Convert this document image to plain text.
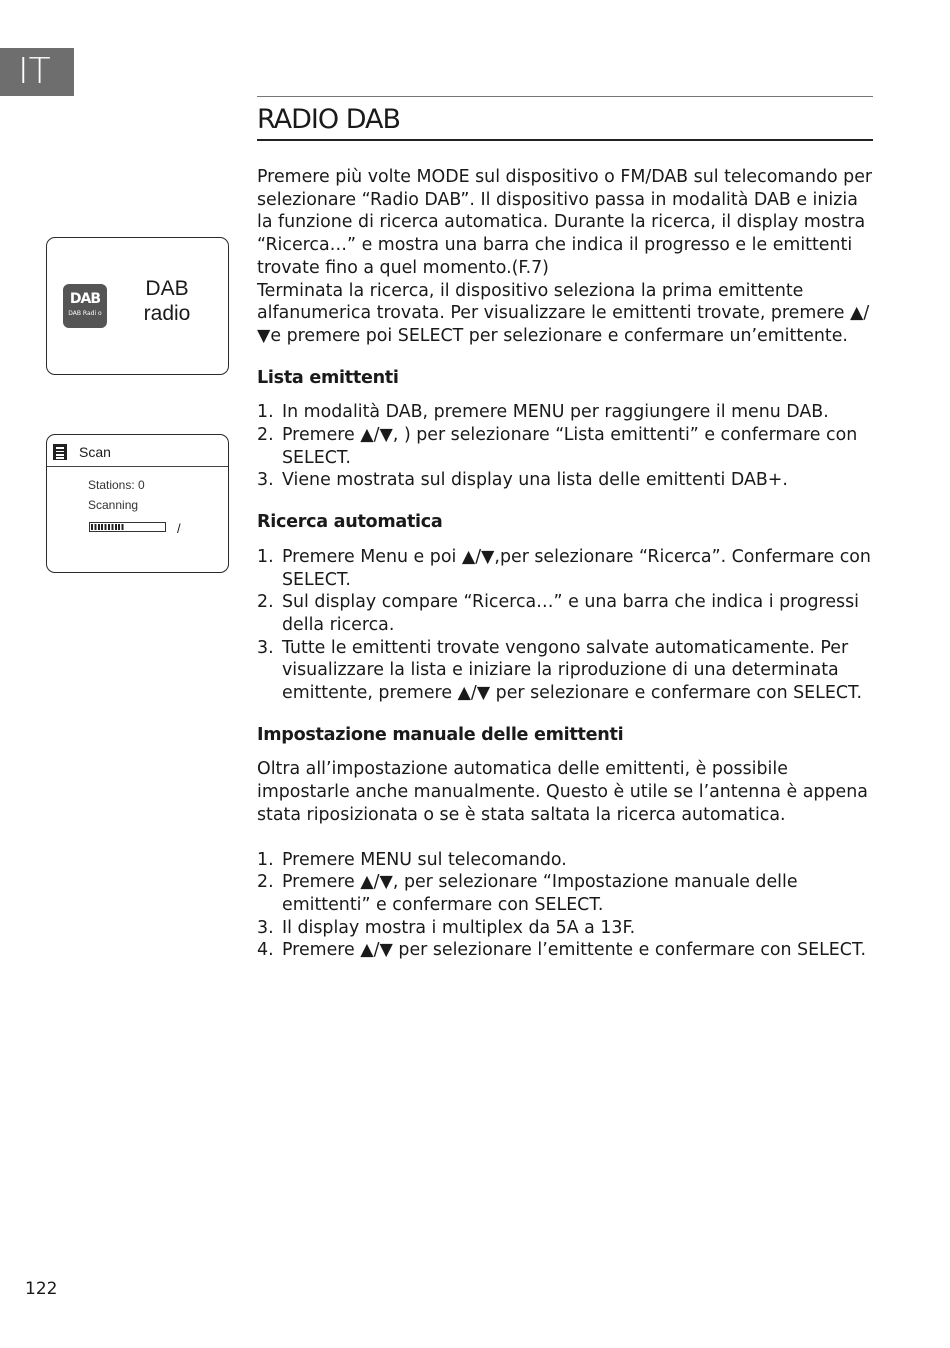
IT
RADIO DAB
DAB
DAB Radi o
DAB
radio
Scan
Stations: 0
Scanning
/

Premere più volte MODE sul dispositivo o FM/DAB sul telecomando per selezionare “Radio DAB”. Il dispositivo passa in modalità DAB e inizia la funzione di ricerca automatica. Durante la ricerca, il display mostra “Ricerca…” e mostra una barra che indica il progresso e le emittenti trovate fino a quel momento.(F.7)

Terminata la ricerca, il dispositivo seleziona la prima emittente alfanumerica trovata. Per visualizzare le emittenti trovate, premere ▲/▼e premere poi SELECT per selezionare e confermare un’emittente.

Lista emittenti
1. In modalità DAB, premere MENU per raggiungere il menu DAB.
2. Premere ▲/▼, ) per selezionare “Lista emittenti” e confermare con SELECT.
3. Viene mostrata sul display una lista delle emittenti DAB+.
Ricerca automatica
1. Premere Menu e poi ▲/▼,per selezionare “Ricerca”. Confermare con SELECT.
2. Sul display compare “Ricerca…” e una barra che indica i progressi della ricerca.
3. Tutte le emittenti trovate vengono salvate automaticamente. Per visualizzare la lista e iniziare la riproduzione di una determinata emittente, premere ▲/▼ per selezionare e confermare con SELECT.
Impostazione manuale delle emittenti

Oltra all’impostazione automatica delle emittenti, è possibile impostarle anche manualmente. Questo è utile se l’antenna è appena stata riposizionata o se è stata saltata la ricerca automatica.

1. Premere MENU sul telecomando.
2. Premere ▲/▼, per selezionare “Impostazione manuale delle emittenti” e confermare con SELECT.
3. Il display mostra i multiplex da 5A a 13F.
4. Premere ▲/▼ per selezionare l’emittente e confermare con SELECT.
122
